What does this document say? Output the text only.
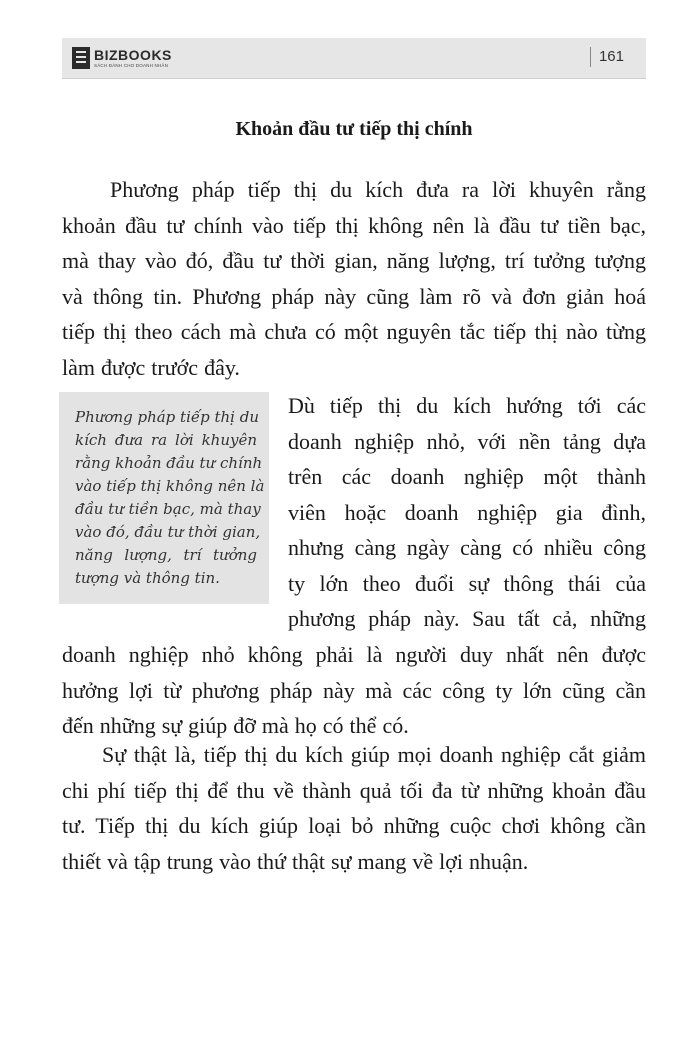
BIZBOOKS
SÁCH ĐÀNH CHO DOANH NHÂN
161
Khoản đầu tư tiếp thị chính

Phương pháp tiếp thị du kích đưa ra lời khuyên rằng
khoản đầu tư chính vào tiếp thị không nên là đầu tư tiền bạc,
mà thay vào đó, đầu tư thời gian, năng lượng, trí tưởng tượng
và thông tin. Phương pháp này cũng làm rõ và đơn giản hoá
tiếp thị theo cách mà chưa có một nguyên tắc tiếp thị nào từng
làm được trước đây.

Phương pháp tiếp thị du
kích đưa ra lời khuyên
rằng khoản đầu tư chính
vào tiếp thị không nên là
đầu tư tiền bạc, mà thay
vào đó, đầu tư thời gian,
năng lượng, trí tưởng
tượng và thông tin.

Dù tiếp thị du kích hướng tới các
doanh nghiệp nhỏ, với nền tảng dựa
trên các doanh nghiệp một thành
viên hoặc doanh nghiệp gia đình,
nhưng càng ngày càng có nhiều công
ty lớn theo đuổi sự thông thái của
phương pháp này. Sau tất cả, những

doanh nghiệp nhỏ không phải là người duy nhất nên được
hưởng lợi từ phương pháp này mà các công ty lớn cũng cần
đến những sự giúp đỡ mà họ có thể có.

Sự thật là, tiếp thị du kích giúp mọi doanh nghiệp cắt giảm
chi phí tiếp thị để thu về thành quả tối đa từ những khoản đầu
tư. Tiếp thị du kích giúp loại bỏ những cuộc chơi không cần
thiết và tập trung vào thứ thật sự mang về lợi nhuận.
